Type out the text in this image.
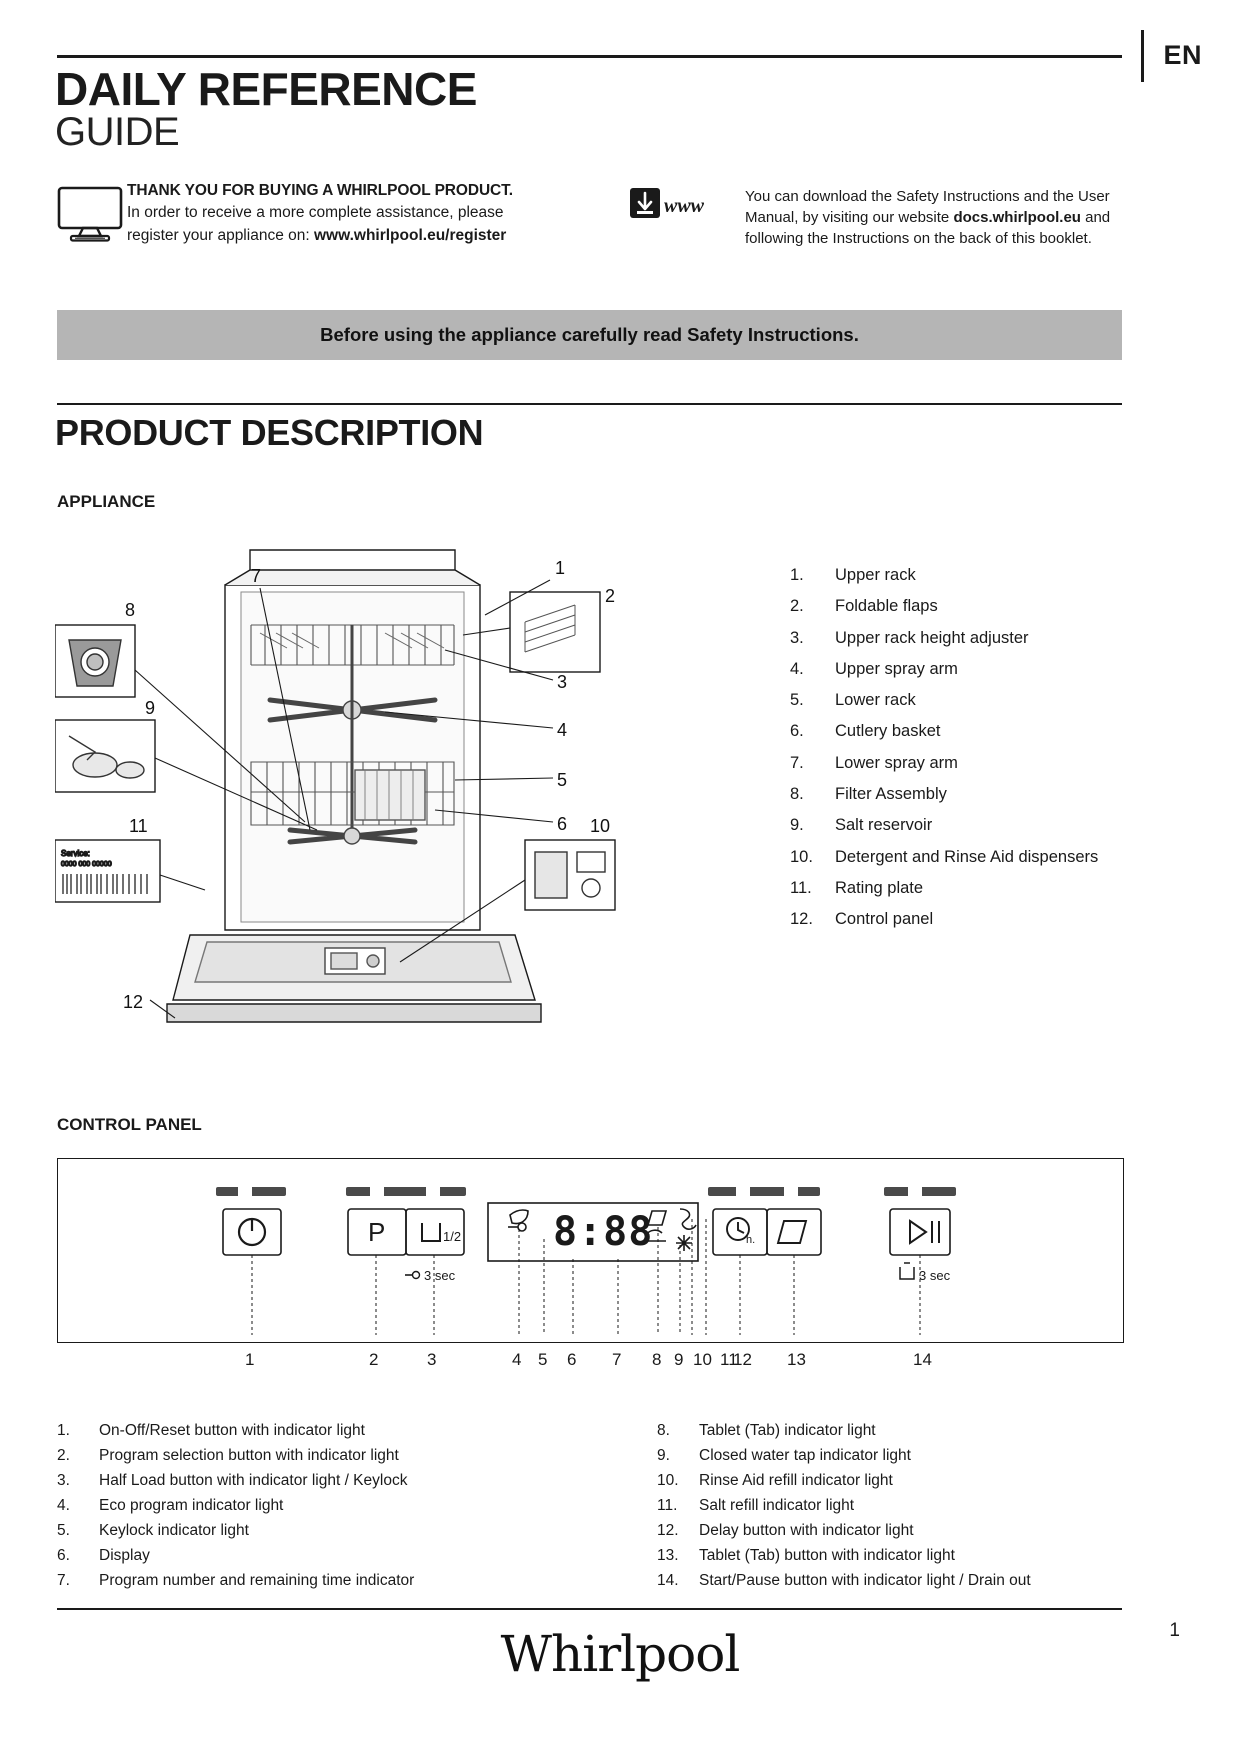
EN
DAILY REFERENCE
GUIDE
THANK YOU FOR BUYING A WHIRLPOOL PRODUCT.
In order to receive a more complete assistance, please
register your appliance on: www.whirlpool.eu/register
www	You can download the Safety Instructions and the User
Manual, by visiting our website docs.whirlpool.eu and
following the Instructions on the back of this booklet.
Before using the appliance carefully read Safety Instructions.
PRODUCT DESCRIPTION
APPLIANCE
Service:
0000 000 00000
1
2
3
4
5
6
7
8
9
10
11
12
1.	Upper rack
2.	Foldable flaps
3.	Upper rack height adjuster
4.	Upper spray arm
5.	Lower rack
6.	Cutlery basket
7.	Lower spray arm
8.	Filter Assembly
9.	Salt reservoir
10.	Detergent and Rinse Aid dispensers
11.	Rating plate
12.	Control panel
CONTROL PANEL
P	1/2	h.
8:88
3 sec	3 sec
1	2	3	4 5 6 7 8 9 10 11
12 13	14
1. On-Off/Reset button with indicator light
2. Program selection button with indicator light
3. Half Load button with indicator light / Keylock
4. Eco program indicator light
5. Keylock indicator light
6. Display
7. Program number and remaining time indicator
8. Tablet (Tab) indicator light
9. Closed water tap indicator light
10. Rinse Aid refill indicator light
11. Salt refill indicator light
12. Delay button with indicator light
13. Tablet (Tab) button with indicator light
14. Start/Pause button with indicator light / Drain out
1
Whirlpool
